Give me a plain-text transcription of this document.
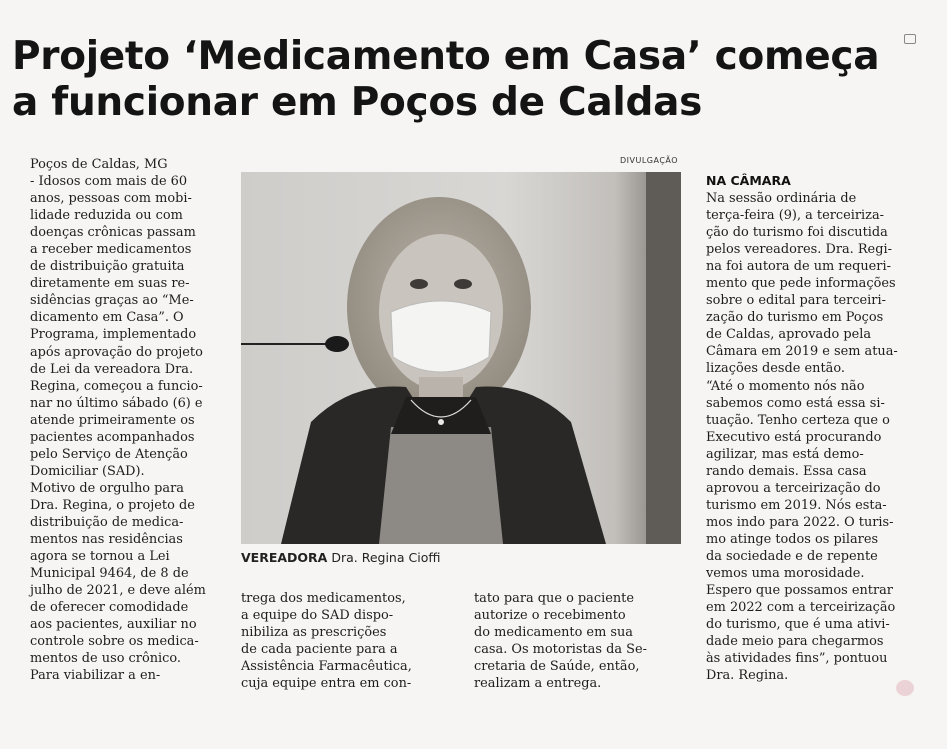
Projeto ‘Medicamento em Casa’ começa
a funcionar em Poços de Caldas

Poços de Caldas, MG

- Idosos com mais de 60

anos, pessoas com mobi-

lidade reduzida ou com

doenças crônicas passam

a receber medicamentos

de distribuição gratuita

diretamente em suas re-

sidências graças ao “Me-

dicamento em Casa”. O

Programa, implementado

após aprovação do projeto

de Lei da vereadora Dra.

Regina, começou a funcio-

nar no último sábado (6) e

atende primeiramente os

pacientes acompanhados

pelo Serviço de Atenção

Domiciliar (SAD).

Motivo de orgulho para

Dra. Regina, o projeto de

distribuição de medica-

mentos nas residências

agora se tornou a Lei

Municipal 9464, de 8 de

julho de 2021, e deve além

de oferecer comodidade

aos pacientes, auxiliar no

controle sobre os medica-

mentos de uso crônico.

Para viabilizar a en-

DIVULGAÇÃO
VEREADORA Dra. Regina Cioffi

trega dos medicamentos,

a equipe do SAD dispo-

nibiliza as prescrições

de cada paciente para a

Assistência Farmacêutica,

cuja equipe entra em con-

tato para que o paciente

autorize o recebimento

do medicamento em sua

casa. Os motoristas da Se-

cretaria de Saúde, então,

realizam a entrega.

NA CÂMARA

Na sessão ordinária de

terça-feira (9), a terceiriza-

ção do turismo foi discutida

pelos vereadores. Dra. Regi-

na foi autora de um requeri-

mento que pede informações

sobre o edital para terceiri-

zação do turismo em Poços

de Caldas, aprovado pela

Câmara em 2019 e sem atua-

lizações desde então.

“Até o momento nós não

sabemos como está essa si-

tuação. Tenho certeza que o

Executivo está procurando

agilizar, mas está demo-

rando demais. Essa casa

aprovou a terceirização do

turismo em 2019. Nós esta-

mos indo para 2022. O turis-

mo atinge todos os pilares

da sociedade e de repente

vemos uma morosidade.

Espero que possamos entrar

em 2022 com a terceirização

do turismo, que é uma ativi-

dade meio para chegarmos

às atividades fins”, pontuou

Dra. Regina.
